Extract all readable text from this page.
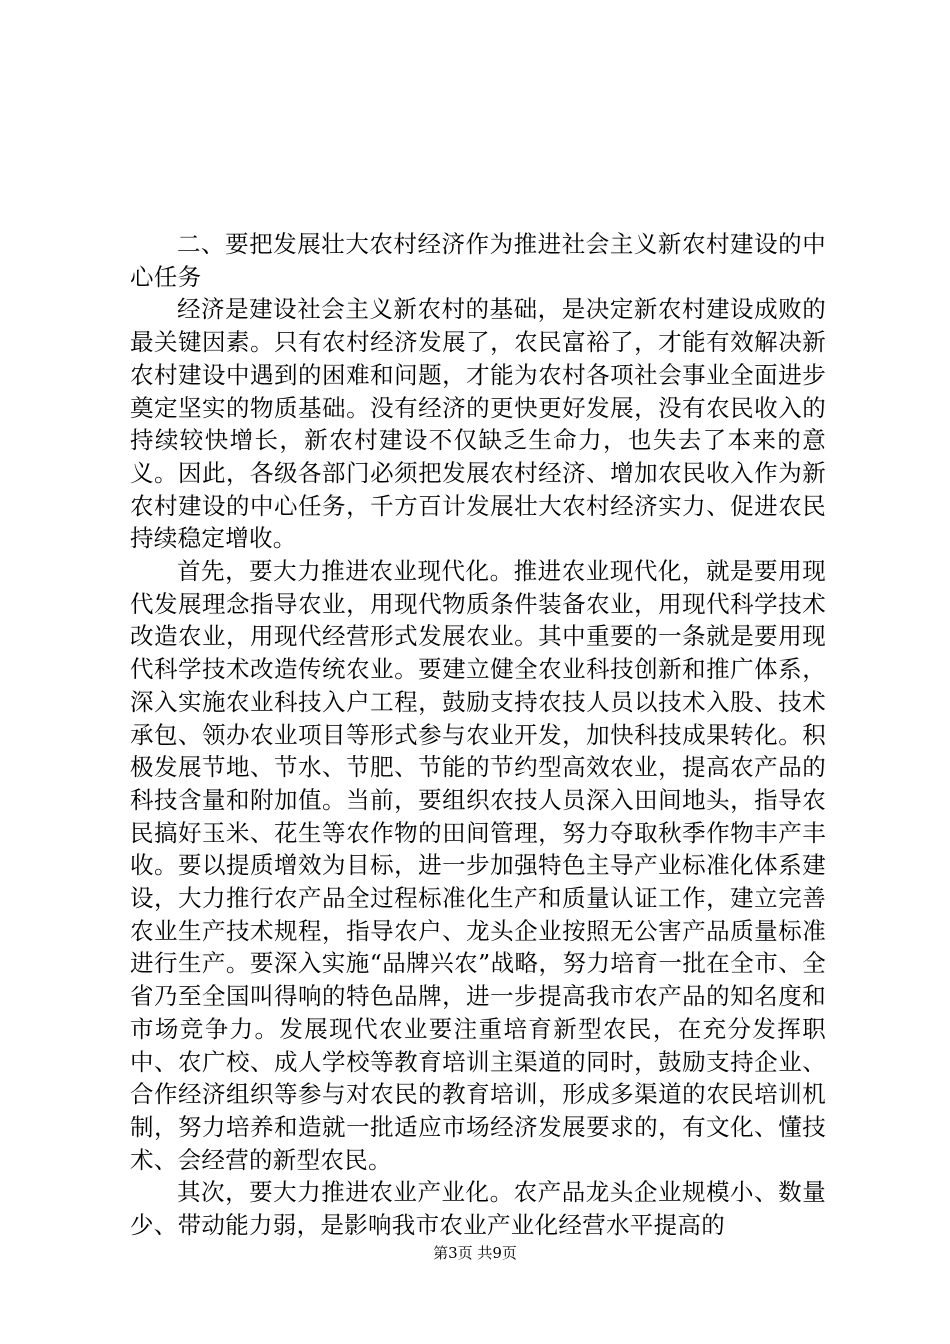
二、要把发展壮大农村经济作为推进社会主义新农村建设的中心任务

经济是建设社会主义新农村的基础，是决定新农村建设成败的最关键因素。只有农村经济发展了，农民富裕了，才能有效解决新农村建设中遇到的困难和问题，才能为农村各项社会事业全面进步奠定坚实的物质基础。没有经济的更快更好发展，没有农民收入的持续较快增长，新农村建设不仅缺乏生命力，也失去了本来的意义。因此，各级各部门必须把发展农村经济、增加农民收入作为新农村建设的中心任务，千方百计发展壮大农村经济实力、促进农民持续稳定增收。

首先，要大力推进农业现代化。推进农业现代化，就是要用现代发展理念指导农业，用现代物质条件装备农业，用现代科学技术改造农业，用现代经营形式发展农业。其中重要的一条就是要用现代科学技术改造传统农业。要建立健全农业科技创新和推广体系，深入实施农业科技入户工程，鼓励支持农技人员以技术入股、技术承包、领办农业项目等形式参与农业开发，加快科技成果转化。积极发展节地、节水、节肥、节能的节约型高效农业，提高农产品的科技含量和附加值。当前，要组织农技人员深入田间地头，指导农民搞好玉米、花生等农作物的田间管理，努力夺取秋季作物丰产丰收。要以提质增效为目标，进一步加强特色主导产业标准化体系建设，大力推行农产品全过程标准化生产和质量认证工作，建立完善农业生产技术规程，指导农户、龙头企业按照无公害产品质量标准进行生产。要深入实施“品牌兴农”战略，努力培育一批在全市、全省乃至全国叫得响的特色品牌，进一步提高我市农产品的知名度和市场竞争力。发展现代农业要注重培育新型农民，在充分发挥职中、农广校、成人学校等教育培训主渠道的同时，鼓励支持企业、合作经济组织等参与对农民的教育培训，形成多渠道的农民培训机制，努力培养和造就一批适应市场经济发展要求的，有文化、懂技术、会经营的新型农民。

其次，要大力推进农业产业化。农产品龙头企业规模小、数量少、带动能力弱，是影响我市农业产业化经营水平提高的

第3页 共9页
